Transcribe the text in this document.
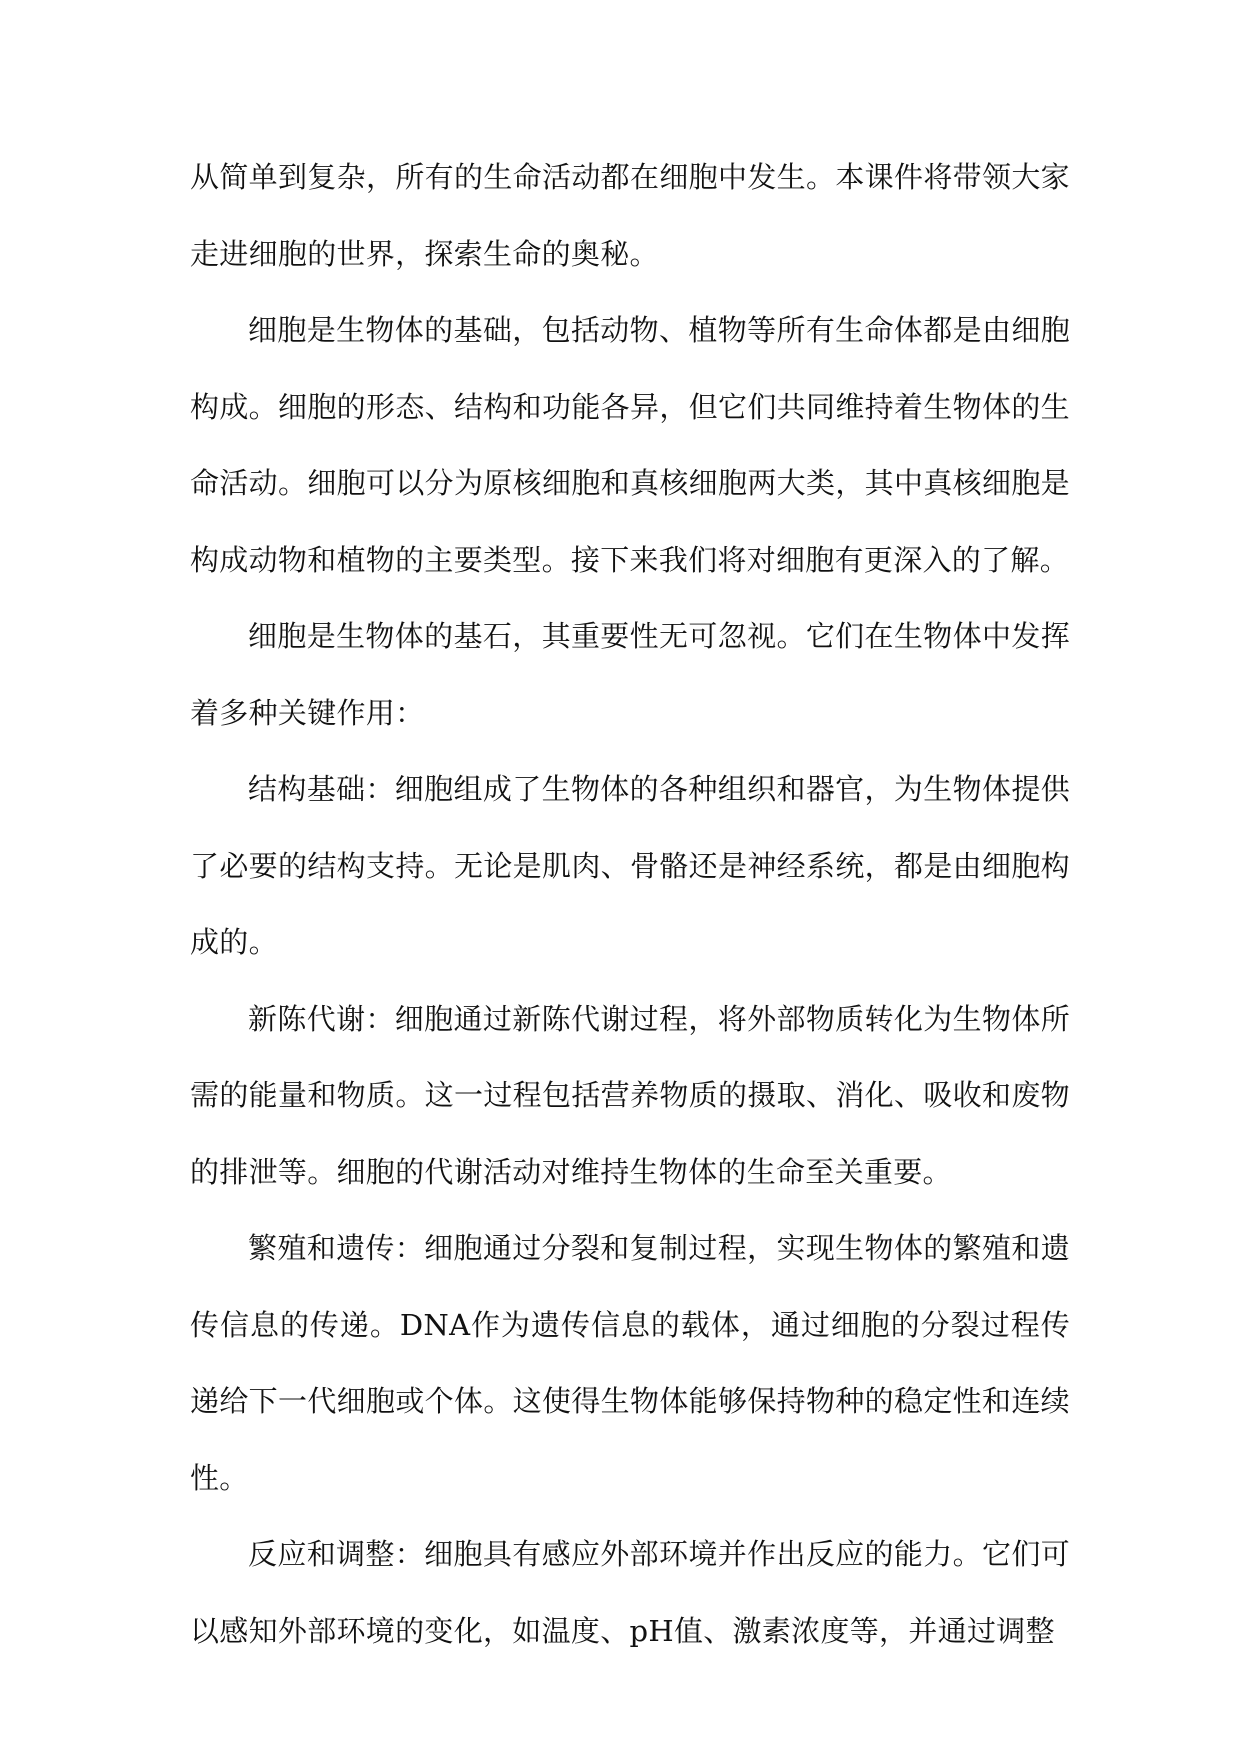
从简单到复杂，所有的生命活动都在细胞中发生。本课件将带领大家走进细胞的世界，探索生命的奥秘。

细胞是生物体的基础，包括动物、植物等所有生命体都是由细胞构成。细胞的形态、结构和功能各异，但它们共同维持着生物体的生命活动。细胞可以分为原核细胞和真核细胞两大类，其中真核细胞是构成动物和植物的主要类型。接下来我们将对细胞有更深入的了解。

细胞是生物体的基石，其重要性无可忽视。它们在生物体中发挥着多种关键作用：

结构基础：细胞组成了生物体的各种组织和器官，为生物体提供了必要的结构支持。无论是肌肉、骨骼还是神经系统，都是由细胞构成的。

新陈代谢：细胞通过新陈代谢过程，将外部物质转化为生物体所需的能量和物质。这一过程包括营养物质的摄取、消化、吸收和废物的排泄等。细胞的代谢活动对维持生物体的生命至关重要。

繁殖和遗传：细胞通过分裂和复制过程，实现生物体的繁殖和遗传信息的传递。DNA作为遗传信息的载体，通过细胞的分裂过程传递给下一代细胞或个体。这使得生物体能够保持物种的稳定性和连续性。

反应和调整：细胞具有感应外部环境并作出反应的能力。它们可以感知外部环境的变化，如温度、pH值、激素浓度等，并通过调整
